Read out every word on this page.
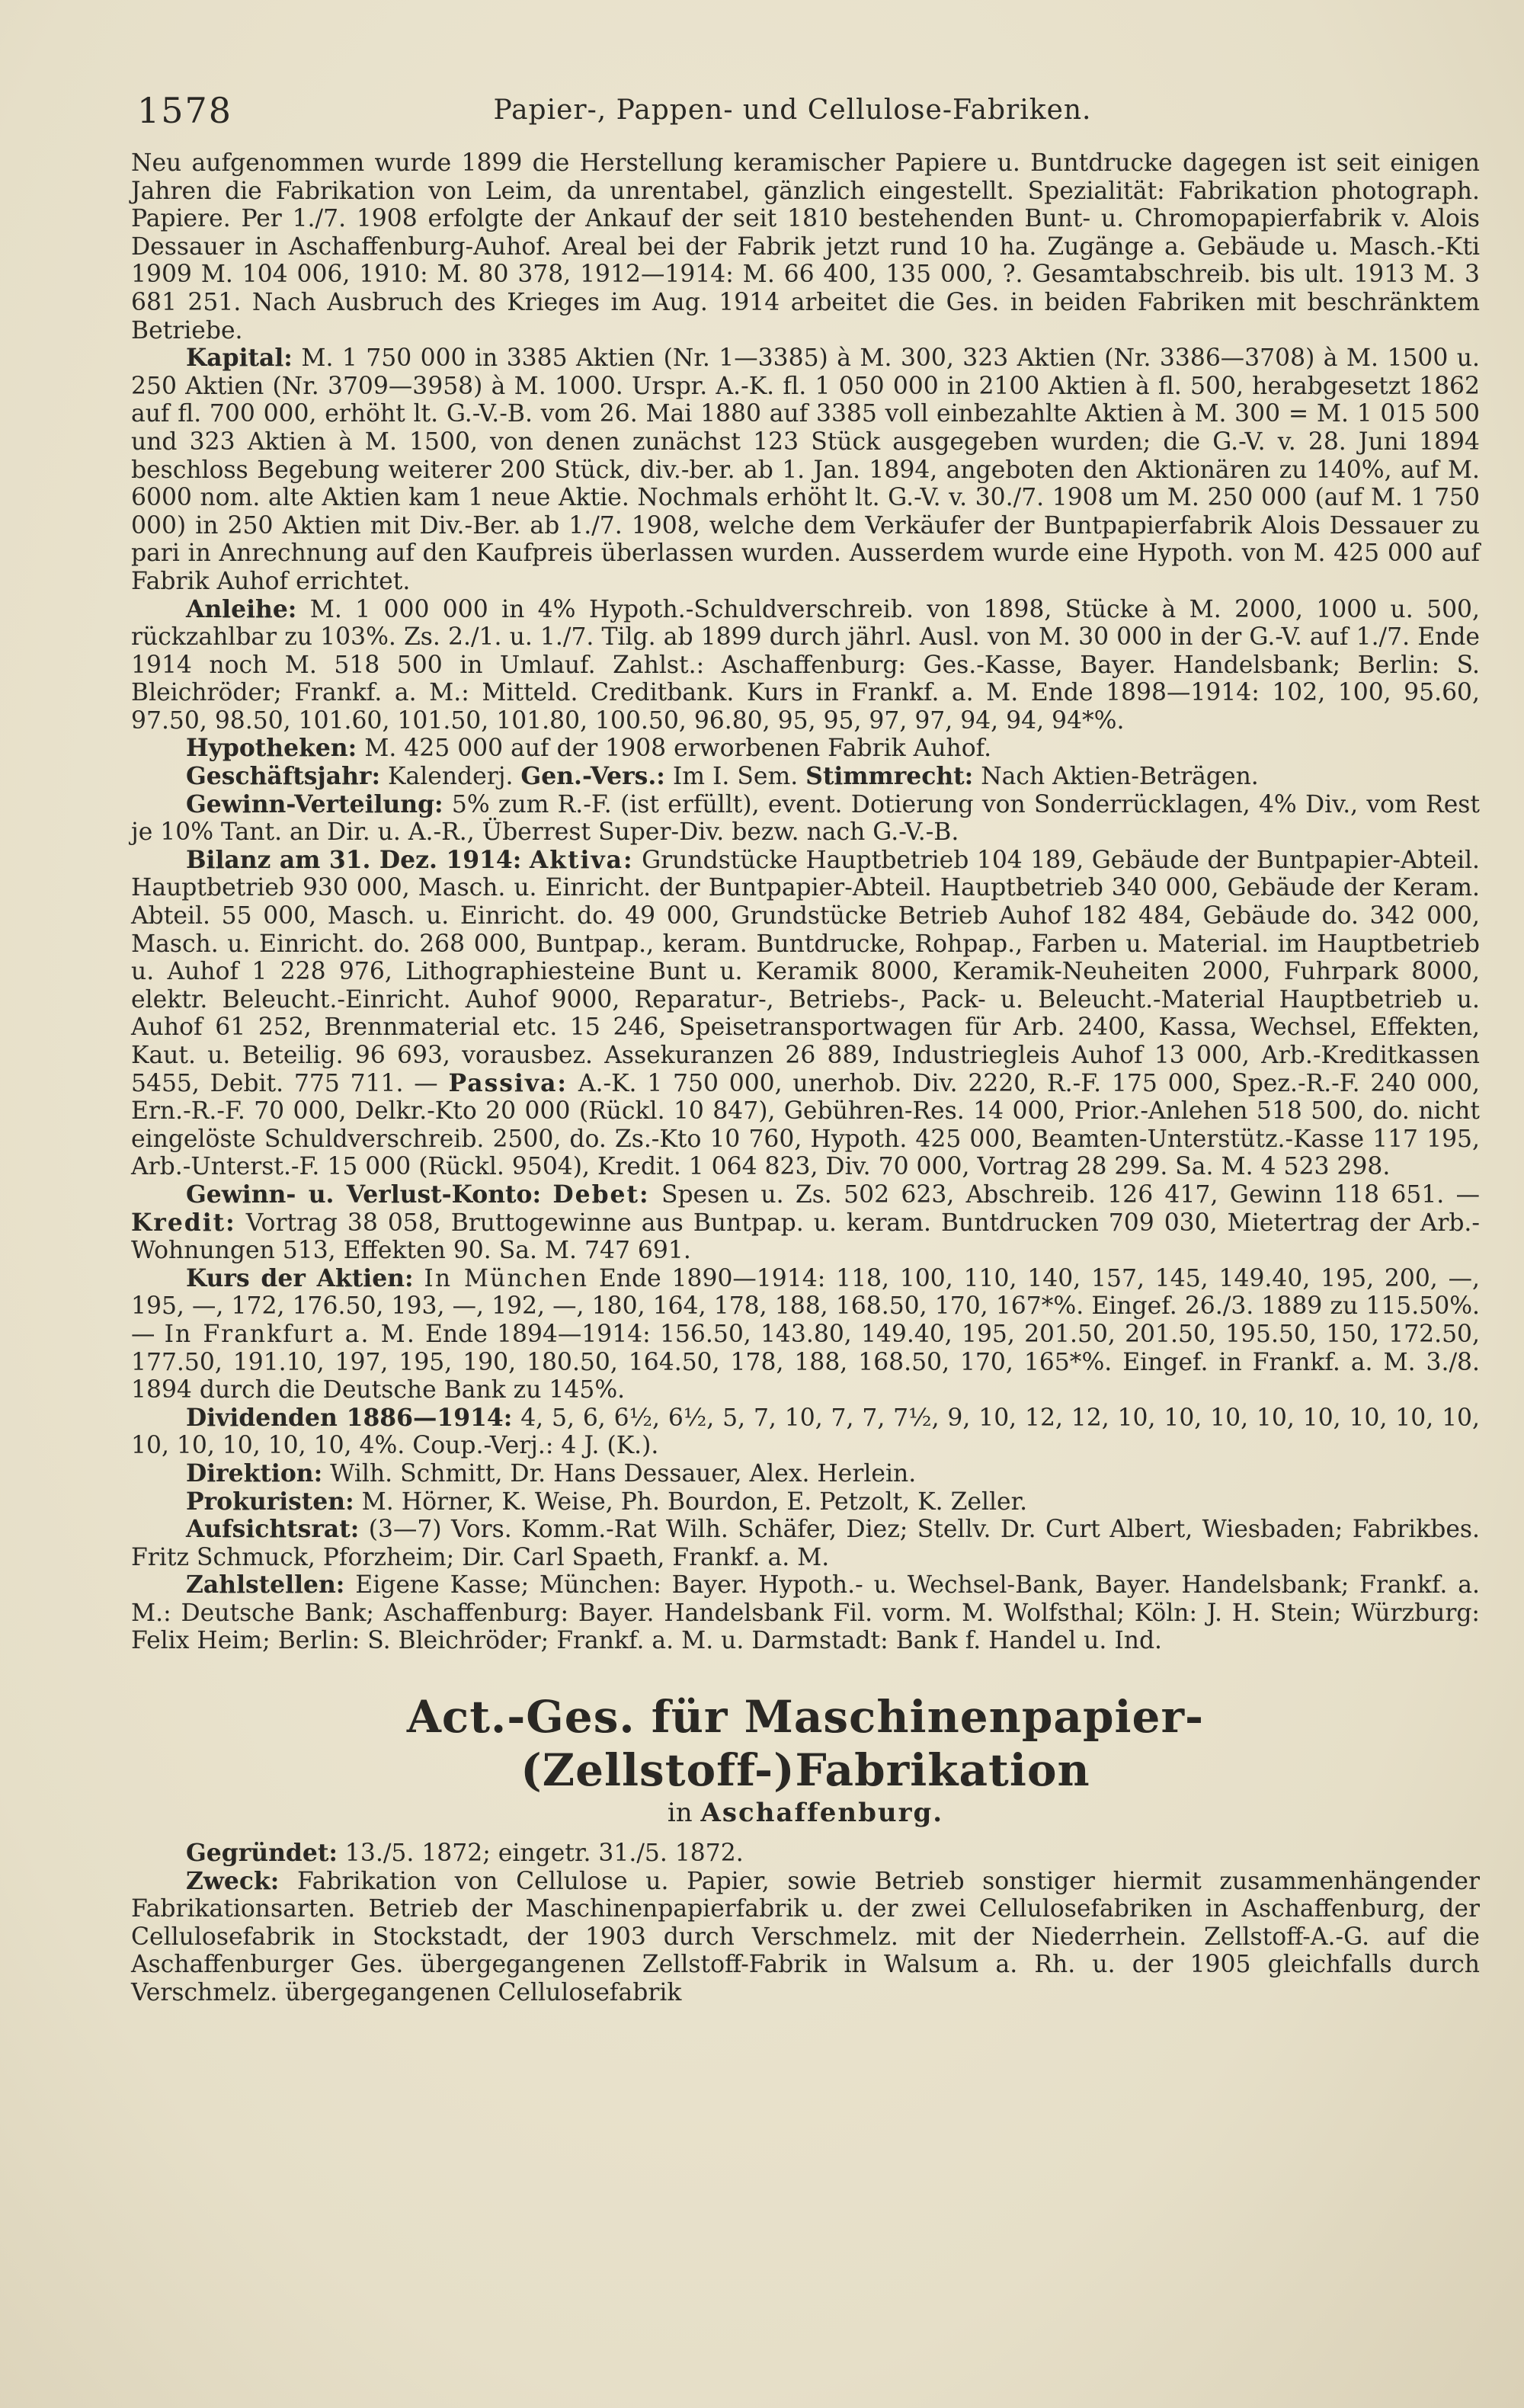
1578	Papier-, Pappen- und Cellulose-Fabriken.

Neu aufgenommen wurde 1899 die Herstellung keramischer Papiere u. Buntdrucke dagegen ist seit einigen Jahren die Fabrikation von Leim, da unrentabel, gänzlich eingestellt. Spezialität: Fabrikation photograph. Papiere. Per 1./7. 1908 erfolgte der Ankauf der seit 1810 bestehenden Bunt- u. Chromopapierfabrik v. Alois Dessauer in Aschaffenburg-Auhof. Areal bei der Fabrik jetzt rund 10 ha. Zugänge a. Gebäude u. Masch.-Kti 1909 M. 104 006, 1910: M. 80 378, 1912—1914: M. 66 400, 135 000, ?. Gesamtabschreib. bis ult. 1913 M. 3 681 251. Nach Ausbruch des Krieges im Aug. 1914 arbeitet die Ges. in beiden Fabriken mit beschränktem Betriebe.

Kapital: M. 1 750 000 in 3385 Aktien (Nr. 1—3385) à M. 300, 323 Aktien (Nr. 3386—3708) à M. 1500 u. 250 Aktien (Nr. 3709—3958) à M. 1000. Urspr. A.-K. fl. 1 050 000 in 2100 Aktien à fl. 500, herabgesetzt 1862 auf fl. 700 000, erhöht lt. G.-V.-B. vom 26. Mai 1880 auf 3385 voll einbezahlte Aktien à M. 300 = M. 1 015 500 und 323 Aktien à M. 1500, von denen zunächst 123 Stück ausgegeben wurden; die G.-V. v. 28. Juni 1894 beschloss Begebung weiterer 200 Stück, div.-ber. ab 1. Jan. 1894, angeboten den Aktionären zu 140%, auf M. 6000 nom. alte Aktien kam 1 neue Aktie. Nochmals erhöht lt. G.-V. v. 30./7. 1908 um M. 250 000 (auf M. 1 750 000) in 250 Aktien mit Div.-Ber. ab 1./7. 1908, welche dem Verkäufer der Buntpapierfabrik Alois Dessauer zu pari in Anrechnung auf den Kaufpreis überlassen wurden. Ausserdem wurde eine Hypoth. von M. 425 000 auf Fabrik Auhof errichtet.

Anleihe: M. 1 000 000 in 4% Hypoth.-Schuldverschreib. von 1898, Stücke à M. 2000, 1000 u. 500, rückzahlbar zu 103%. Zs. 2./1. u. 1./7. Tilg. ab 1899 durch jährl. Ausl. von M. 30 000 in der G.-V. auf 1./7. Ende 1914 noch M. 518 500 in Umlauf. Zahlst.: Aschaffenburg: Ges.-Kasse, Bayer. Handelsbank; Berlin: S. Bleichröder; Frankf. a. M.: Mitteld. Creditbank. Kurs in Frankf. a. M. Ende 1898—1914: 102, 100, 95.60, 97.50, 98.50, 101.60, 101.50, 101.80, 100.50, 96.80, 95, 95, 97, 97, 94, 94, 94*%.

Hypotheken: M. 425 000 auf der 1908 erworbenen Fabrik Auhof.

Geschäftsjahr: Kalenderj. Gen.-Vers.: Im I. Sem. Stimmrecht: Nach Aktien-Beträgen.

Gewinn-Verteilung: 5% zum R.-F. (ist erfüllt), event. Dotierung von Sonderrücklagen, 4% Div., vom Rest je 10% Tant. an Dir. u. A.-R., Überrest Super-Div. bezw. nach G.-V.-B.

Bilanz am 31. Dez. 1914: Aktiva: Grundstücke Hauptbetrieb 104 189, Gebäude der Buntpapier-Abteil. Hauptbetrieb 930 000, Masch. u. Einricht. der Buntpapier-Abteil. Hauptbetrieb 340 000, Gebäude der Keram. Abteil. 55 000, Masch. u. Einricht. do. 49 000, Grundstücke Betrieb Auhof 182 484, Gebäude do. 342 000, Masch. u. Einricht. do. 268 000, Buntpap., keram. Buntdrucke, Rohpap., Farben u. Material. im Hauptbetrieb u. Auhof 1 228 976, Lithographiesteine Bunt u. Keramik 8000, Keramik-Neuheiten 2000, Fuhrpark 8000, elektr. Beleucht.-Einricht. Auhof 9000, Reparatur-, Betriebs-, Pack- u. Beleucht.-Material Hauptbetrieb u. Auhof 61 252, Brennmaterial etc. 15 246, Speisetransportwagen für Arb. 2400, Kassa, Wechsel, Effekten, Kaut. u. Beteilig. 96 693, vorausbez. Assekuranzen 26 889, Industriegleis Auhof 13 000, Arb.-Kreditkassen 5455, Debit. 775 711. — Passiva: A.-K. 1 750 000, unerhob. Div. 2220, R.-F. 175 000, Spez.-R.-F. 240 000, Ern.-R.-F. 70 000, Delkr.-Kto 20 000 (Rückl. 10 847), Gebühren-Res. 14 000, Prior.-Anlehen 518 500, do. nicht eingelöste Schuldverschreib. 2500, do. Zs.-Kto 10 760, Hypoth. 425 000, Beamten-Unterstütz.-Kasse 117 195, Arb.-Unterst.-F. 15 000 (Rückl. 9504), Kredit. 1 064 823, Div. 70 000, Vortrag 28 299. Sa. M. 4 523 298.

Gewinn- u. Verlust-Konto: Debet: Spesen u. Zs. 502 623, Abschreib. 126 417, Gewinn 118 651. — Kredit: Vortrag 38 058, Bruttogewinne aus Buntpap. u. keram. Buntdrucken 709 030, Mietertrag der Arb.-Wohnungen 513, Effekten 90. Sa. M. 747 691.

Kurs der Aktien: In München Ende 1890—1914: 118, 100, 110, 140, 157, 145, 149.40, 195, 200, —, 195, —, 172, 176.50, 193, —, 192, —, 180, 164, 178, 188, 168.50, 170, 167*%. Eingef. 26./3. 1889 zu 115.50%. — In Frankfurt a. M. Ende 1894—1914: 156.50, 143.80, 149.40, 195, 201.50, 201.50, 195.50, 150, 172.50, 177.50, 191.10, 197, 195, 190, 180.50, 164.50, 178, 188, 168.50, 170, 165*%. Eingef. in Frankf. a. M. 3./8. 1894 durch die Deutsche Bank zu 145%.

Dividenden 1886—1914: 4, 5, 6, 6½, 6½, 5, 7, 10, 7, 7, 7½, 9, 10, 12, 12, 10, 10, 10, 10, 10, 10, 10, 10, 10, 10, 10, 10, 10, 4%. Coup.-Verj.: 4 J. (K.).

Direktion: Wilh. Schmitt, Dr. Hans Dessauer, Alex. Herlein.

Prokuristen: M. Hörner, K. Weise, Ph. Bourdon, E. Petzolt, K. Zeller.

Aufsichtsrat: (3—7) Vors. Komm.-Rat Wilh. Schäfer, Diez; Stellv. Dr. Curt Albert, Wiesbaden; Fabrikbes. Fritz Schmuck, Pforzheim; Dir. Carl Spaeth, Frankf. a. M.

Zahlstellen: Eigene Kasse; München: Bayer. Hypoth.- u. Wechsel-Bank, Bayer. Handelsbank; Frankf. a. M.: Deutsche Bank; Aschaffenburg: Bayer. Handelsbank Fil. vorm. M. Wolfsthal; Köln: J. H. Stein; Würzburg: Felix Heim; Berlin: S. Bleichröder; Frankf. a. M. u. Darmstadt: Bank f. Handel u. Ind.

Act.-Ges. für Maschinenpapier-(Zellstoff-)Fabrikation

in Aschaffenburg.

Gegründet: 13./5. 1872; eingetr. 31./5. 1872.

Zweck: Fabrikation von Cellulose u. Papier, sowie Betrieb sonstiger hiermit zusammenhängender Fabrikationsarten. Betrieb der Maschinenpapierfabrik u. der zwei Cellulosefabriken in Aschaffenburg, der Cellulosefabrik in Stockstadt, der 1903 durch Verschmelz. mit der Niederrhein. Zellstoff-A.-G. auf die Aschaffenburger Ges. übergegangenen Zellstoff-Fabrik in Walsum a. Rh. u. der 1905 gleichfalls durch Verschmelz. übergegangenen Cellulosefabrik
